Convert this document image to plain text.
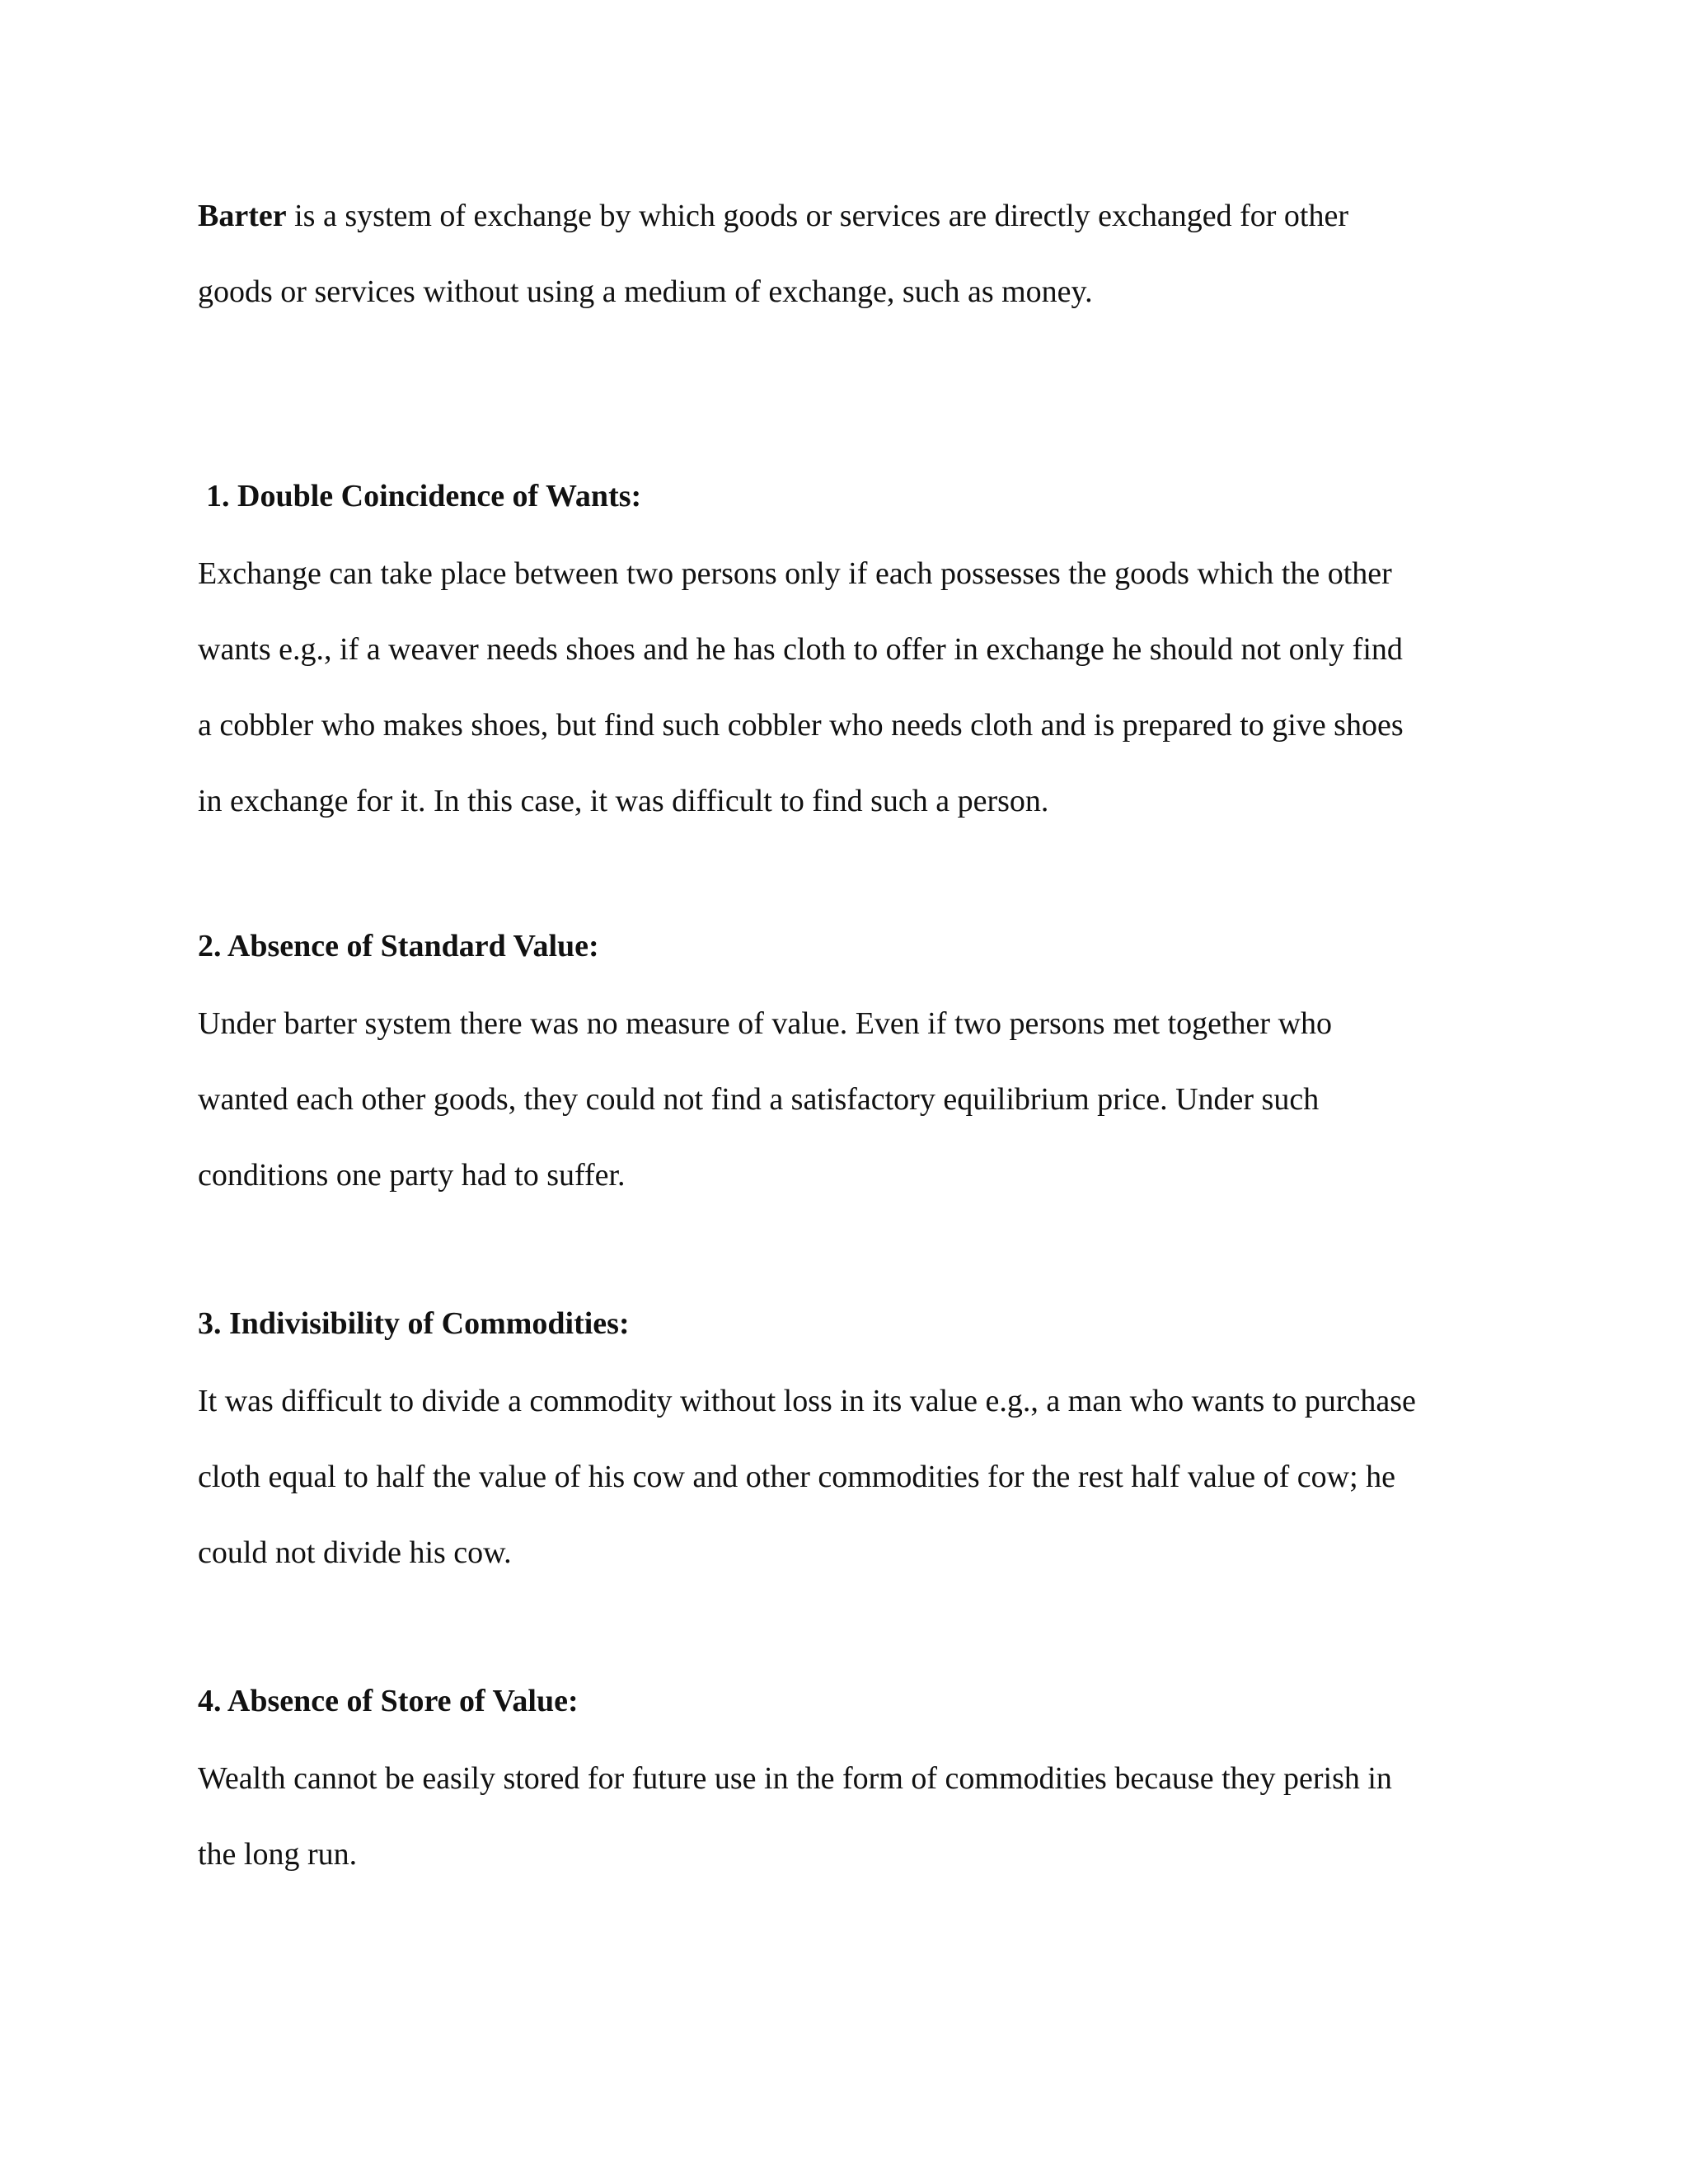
Barter is a system of exchange by which goods or services are directly exchanged for other
goods or services without using a medium of exchange, such as money.

1. Double Coincidence of Wants:

Exchange can take place between two persons only if each possesses the goods which the other
wants e.g., if a weaver needs shoes and he has cloth to offer in exchange he should not only find
a cobbler who makes shoes, but find such cobbler who needs cloth and is prepared to give shoes
in exchange for it. In this case, it was difficult to find such a person.

2. Absence of Standard Value:

Under barter system there was no measure of value. Even if two persons met together who
wanted each other goods, they could not find a satisfactory equilibrium price. Under such
conditions one party had to suffer.

3. Indivisibility of Commodities:

It was difficult to divide a commodity without loss in its value e.g., a man who wants to purchase
cloth equal to half the value of his cow and other commodities for the rest half value of cow; he
could not divide his cow.

4. Absence of Store of Value:

Wealth cannot be easily stored for future use in the form of commodities because they perish in
the long run.
